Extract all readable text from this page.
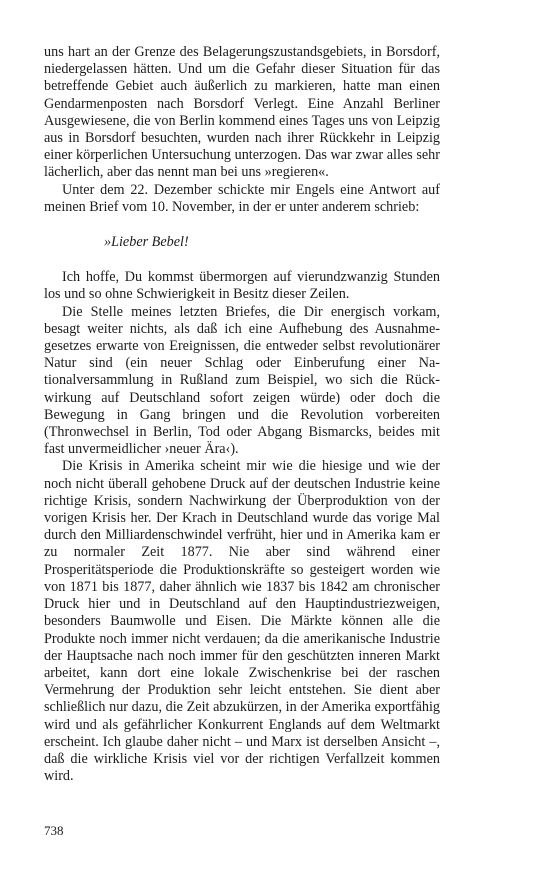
uns hart an der Grenze des Belagerungszustandsgebiets, in Borsdorf, niedergelassen hätten. Und um die Gefahr dieser Situation für das betreffende Gebiet auch äußerlich zu markieren, hatte man einen Gendarmenposten nach Borsdorf Verlegt. Eine Anzahl Berliner Ausgewiesene, die von Berlin kommend eines Tages uns von Leipzig aus in Borsdorf besuchten, wurden nach ihrer Rückkehr in Leipzig einer körperlichen Untersuchung unterzogen. Das war zwar alles sehr lächerlich, aber das nennt man bei uns »regieren«.

Unter dem 22. Dezember schickte mir Engels eine Antwort auf meinen Brief vom 10. November, in der er unter anderem schrieb:

»Lieber Bebel!

Ich hoffe, Du kommst übermorgen auf vierundzwanzig Stunden los und so ohne Schwierigkeit in Besitz dieser Zeilen.

Die Stelle meines letzten Briefes, die Dir energisch vorkam, besagt weiter nichts, als daß ich eine Aufhebung des Ausnahmegesetzes erwarte von Ereignissen, die entweder selbst revolutionärer Natur sind (ein neuer Schlag oder Einberufung einer Nationalversammlung in Rußland zum Beispiel, wo sich die Rückwirkung auf Deutschland sofort zeigen würde) oder doch die Bewegung in Gang bringen und die Revolution vorbereiten (Thronwechsel in Berlin, Tod oder Abgang Bismarcks, beides mit fast unvermeidlicher ›neuer Ära‹).

Die Krisis in Amerika scheint mir wie die hiesige und wie der noch nicht überall gehobene Druck auf der deutschen Industrie keine richtige Krisis, sondern Nachwirkung der Überproduktion von der vorigen Krisis her. Der Krach in Deutschland wurde das vorige Mal durch den Milliardenschwindel verfrüht, hier und in Amerika kam er zu normaler Zeit 1877. Nie aber sind während einer Prosperitätsperiode die Produktionskräfte so gesteigert worden wie von 1871 bis 1877, daher ähnlich wie 1837 bis 1842 am chronischer Druck hier und in Deutschland auf den Hauptindustriezweigen, besonders Baumwolle und Eisen. Die Märkte können alle die Produkte noch immer nicht verdauen; da die amerikanische Industrie der Hauptsache nach noch immer für den geschützten inneren Markt arbeitet, kann dort eine lokale Zwischenkrise bei der raschen Vermehrung der Produktion sehr leicht entstehen. Sie dient aber schließlich nur dazu, die Zeit abzukürzen, in der Amerika exportfähig wird und als gefährlicher Konkurrent Englands auf dem Weltmarkt erscheint. Ich glaube daher nicht – und Marx ist derselben Ansicht –, daß die wirkliche Krisis viel vor der richtigen Verfallzeit kommen wird.

738
